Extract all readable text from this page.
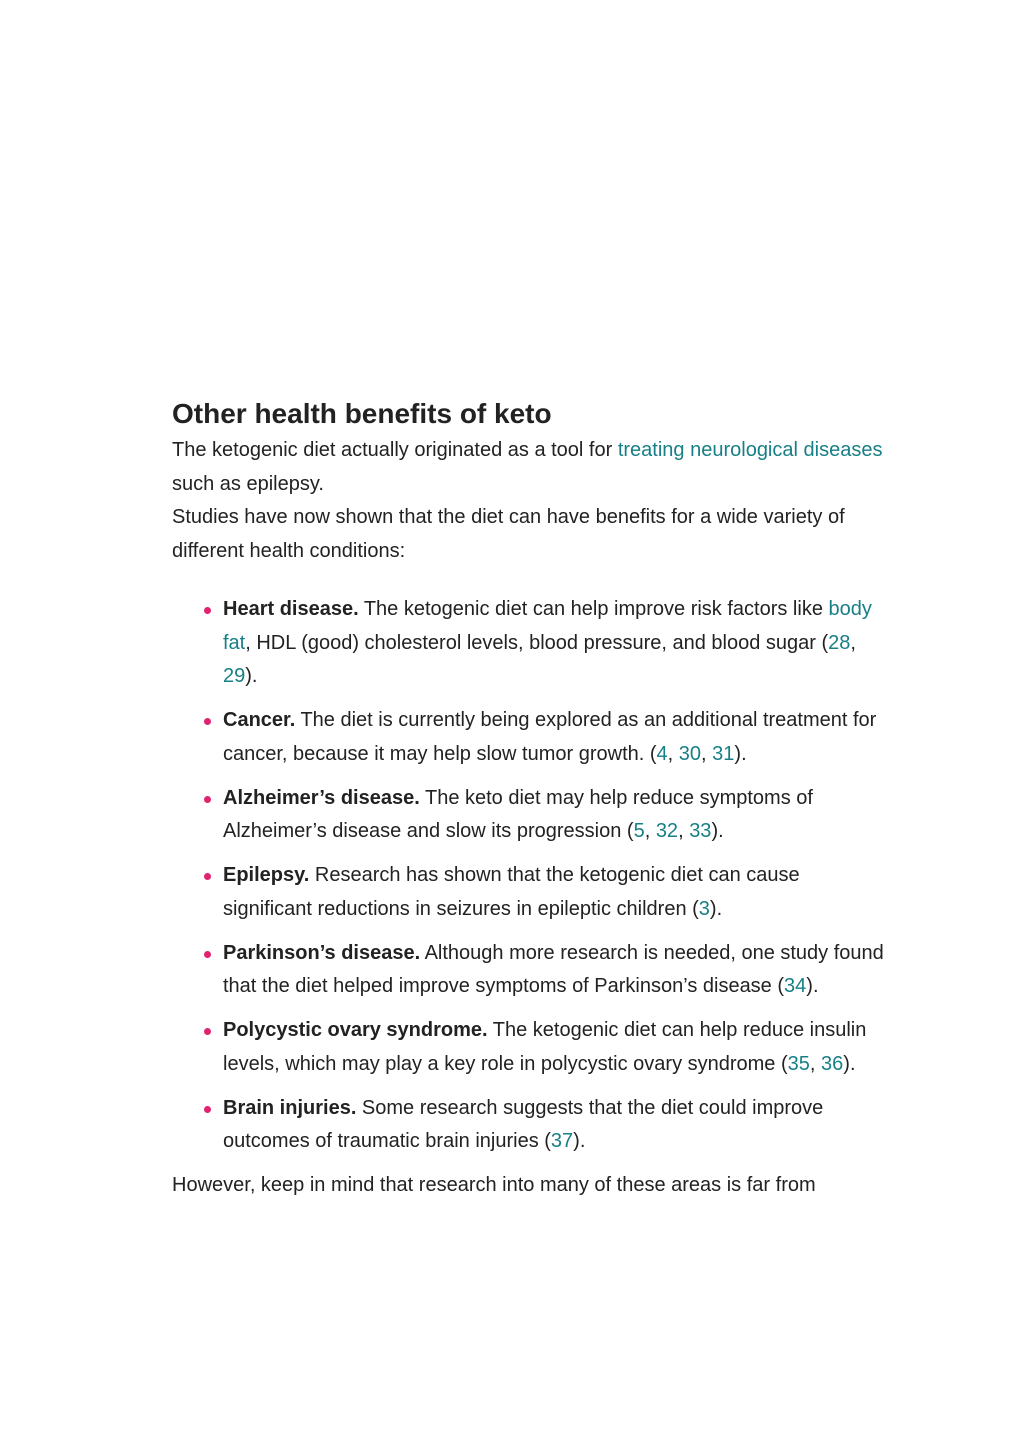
Other health benefits of keto

The ketogenic diet actually originated as a tool for treating neurological diseases such as epilepsy.

Studies have now shown that the diet can have benefits for a wide variety of different health conditions:

Heart disease. The ketogenic diet can help improve risk factors like body fat, HDL (good) cholesterol levels, blood pressure, and blood sugar (28, 29).
Cancer. The diet is currently being explored as an additional treatment for cancer, because it may help slow tumor growth. (4, 30, 31).
Alzheimer’s disease. The keto diet may help reduce symptoms of Alzheimer’s disease and slow its progression (5, 32, 33).
Epilepsy. Research has shown that the ketogenic diet can cause significant reductions in seizures in epileptic children (3).
Parkinson’s disease. Although more research is needed, one study found that the diet helped improve symptoms of Parkinson’s disease (34).
Polycystic ovary syndrome. The ketogenic diet can help reduce insulin levels, which may play a key role in polycystic ovary syndrome (35, 36).
Brain injuries. Some research suggests that the diet could improve outcomes of traumatic brain injuries (37).

However, keep in mind that research into many of these areas is far from
